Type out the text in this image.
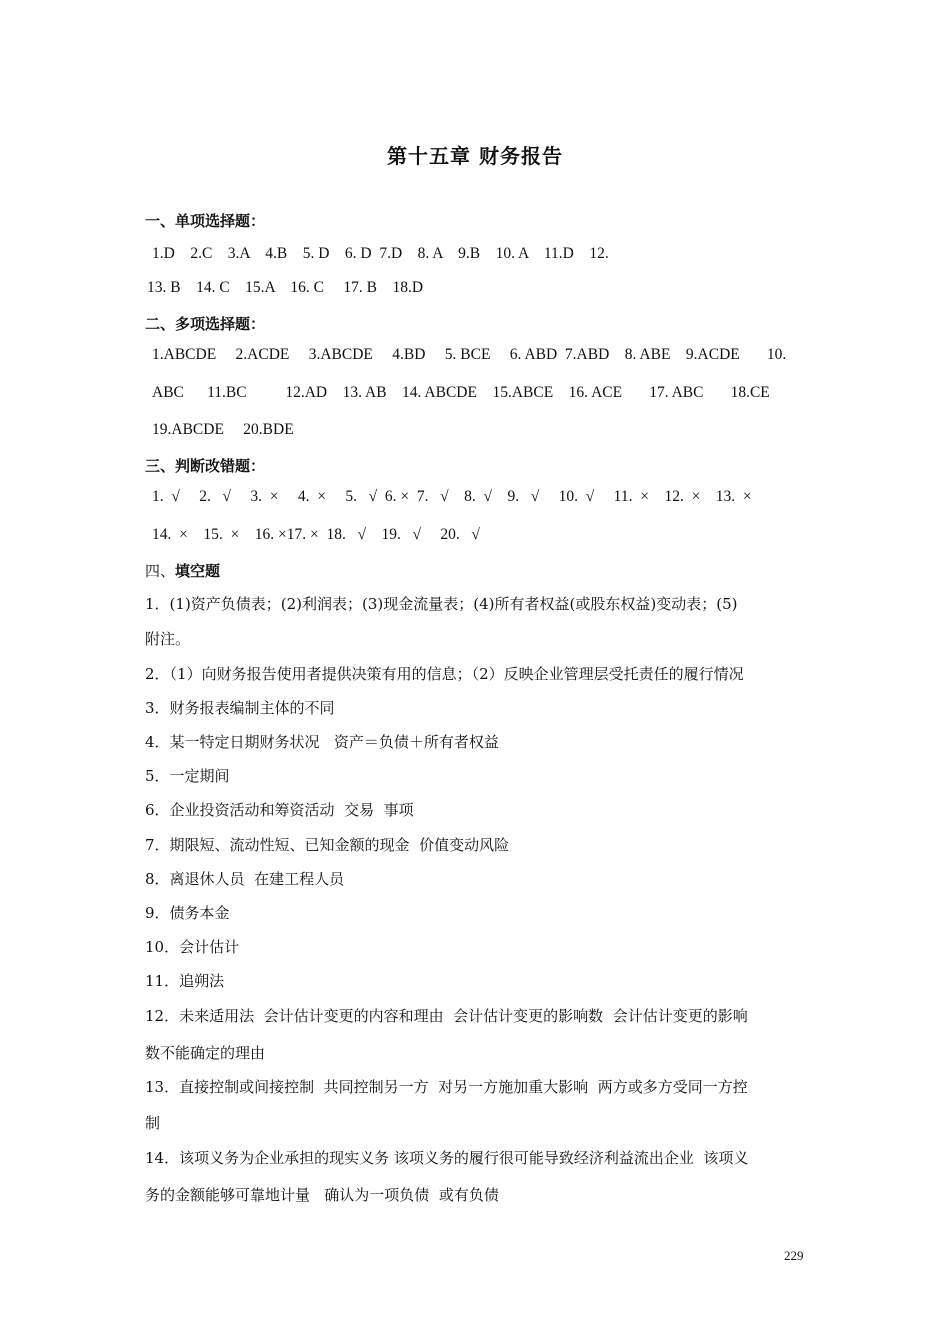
第十五章 财务报告
一、单项选择题：
1.D    2.C    3.A    4.B    5. D    6. D  7.D    8. A    9.B    10. A    11.D    12.
13. B    14. C    15.A    16. C     17. B    18.D
二、多项选择题：
1.ABCDE     2.ACDE     3.ABCDE     4.BD     5. BCE     6. ABD  7.ABD    8. ABE    9.ACDE       10.
ABC      11.BC          12.AD    13. AB    14. ABCDE    15.ABCE    16. ACE       17. ABC       18.CE
19.ABCDE     20.BDE
三、判断改错题：
1.  √     2.   √     3.  ×     4.  ×     5.   √  6. ×  7.   √    8.  √    9.   √     10.  √     11.  ×    12.  ×    13.  ×
14.  ×    15.  ×    16. ×17. ×  18.   √    19.   √     20.   √
四、填空题
1．(1)资产负债表；(2)利润表；(3)现金流量表；(4)所有者权益(或股东权益)变动表；(5)
附注。
2．（1）向财务报告使用者提供决策有用的信息；（2）反映企业管理层受托责任的履行情况
3．财务报表编制主体的不同
4．某一特定日期财务状况   资产＝负债＋所有者权益
5．一定期间
6．企业投资活动和筹资活动  交易  事项
7．期限短、流动性短、已知金额的现金  价值变动风险
8．离退休人员  在建工程人员
9．债务本金
10．会计估计
11．追朔法
12．未来适用法  会计估计变更的内容和理由  会计估计变更的影响数  会计估计变更的影响
数不能确定的理由
13．直接控制或间接控制  共同控制另一方  对另一方施加重大影响  两方或多方受同一方控
制
14．该项义务为企业承担的现实义务 该项义务的履行很可能导致经济利益流出企业  该项义
务的金额能够可靠地计量   确认为一项负债  或有负债
229
